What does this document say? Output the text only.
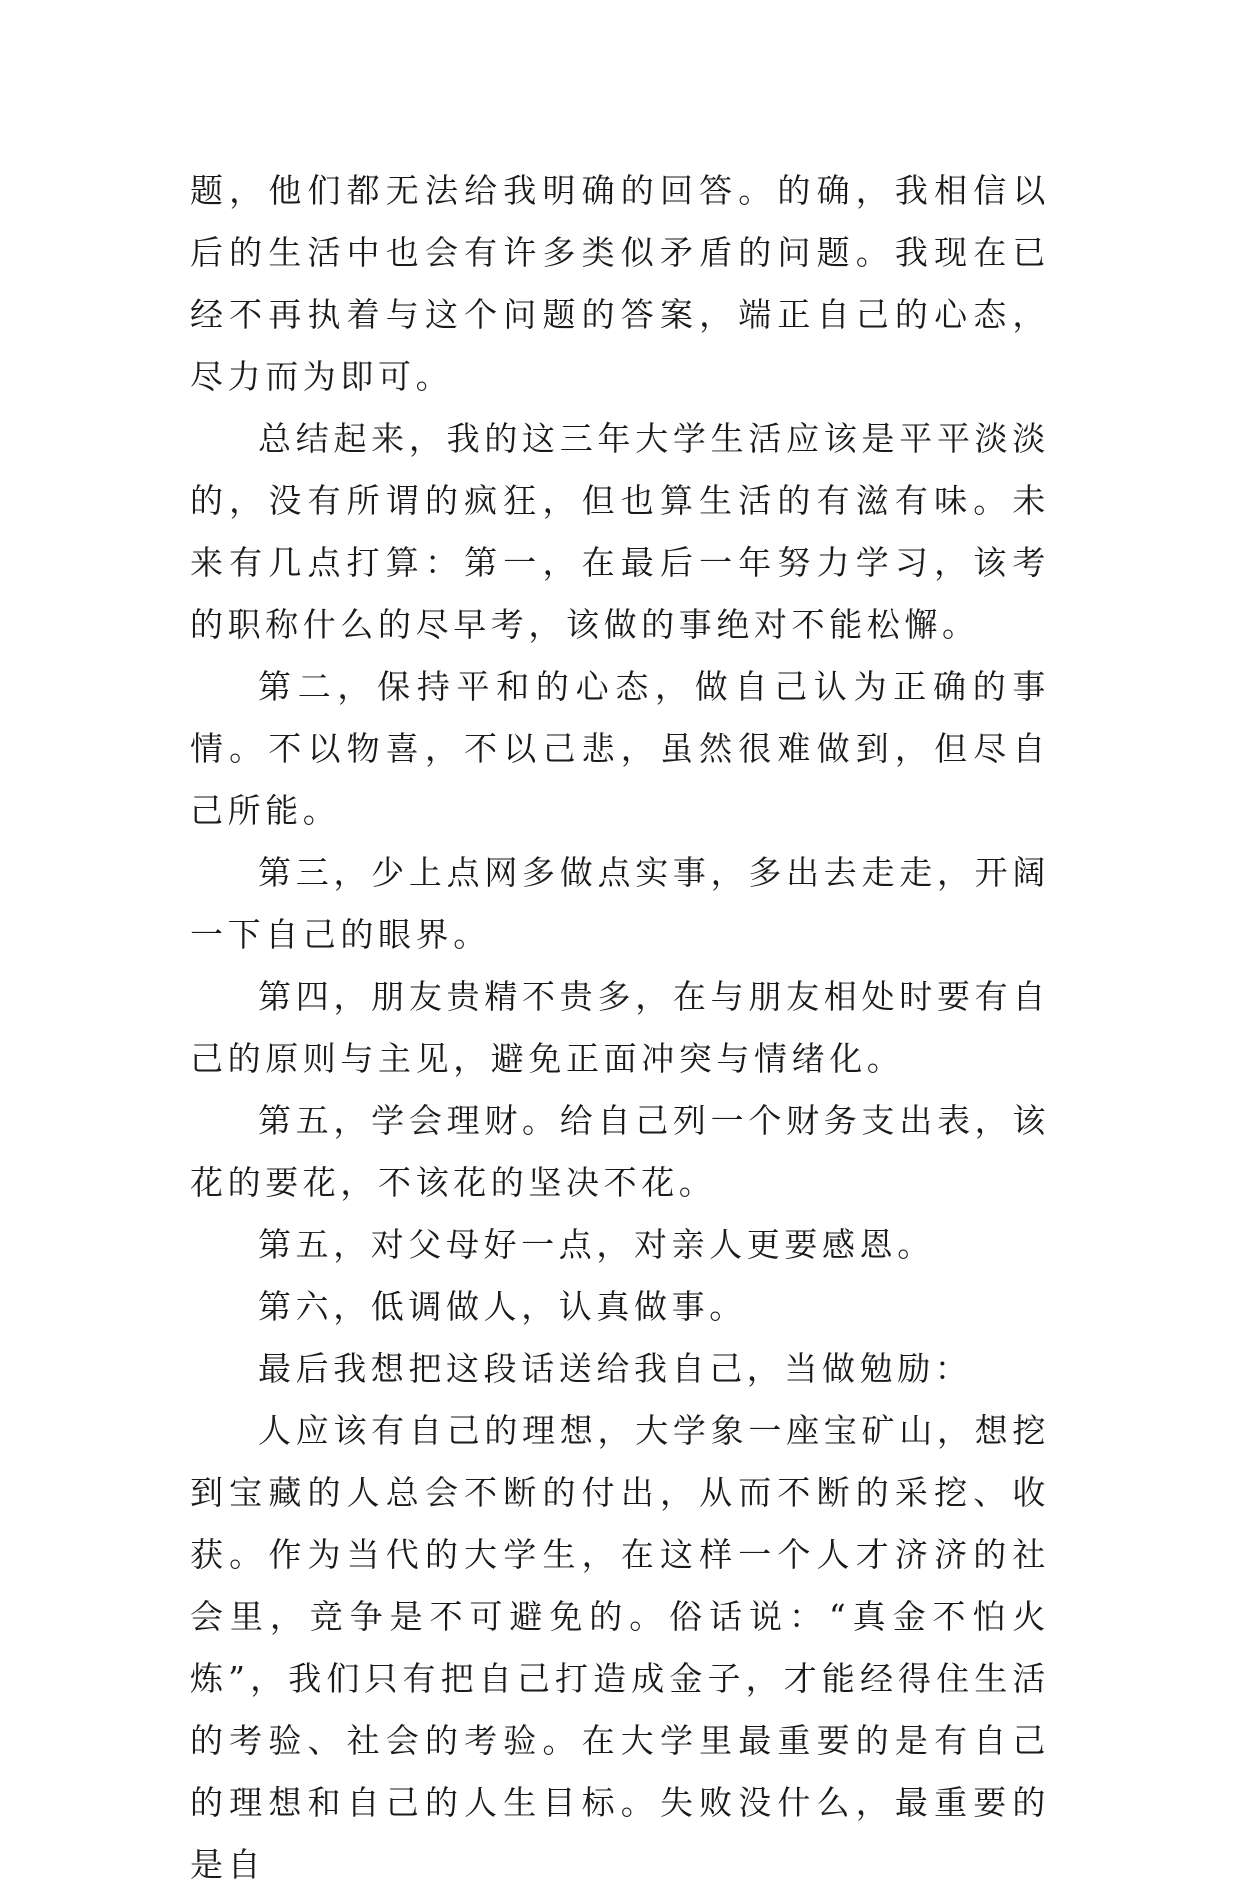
题，他们都无法给我明确的回答。的确，我相信以后的生活中也会有许多类似矛盾的问题。我现在已经不再执着与这个问题的答案，端正自己的心态，尽力而为即可。

总结起来，我的这三年大学生活应该是平平淡淡的，没有所谓的疯狂，但也算生活的有滋有味。未来有几点打算：第一，在最后一年努力学习，该考的职称什么的尽早考，该做的事绝对不能松懈。

第二，保持平和的心态，做自己认为正确的事情。不以物喜，不以己悲，虽然很难做到，但尽自己所能。

第三，少上点网多做点实事，多出去走走，开阔一下自己的眼界。

第四，朋友贵精不贵多，在与朋友相处时要有自己的原则与主见，避免正面冲突与情绪化。

第五，学会理财。给自己列一个财务支出表，该花的要花，不该花的坚决不花。

第五，对父母好一点，对亲人更要感恩。

第六，低调做人，认真做事。

最后我想把这段话送给我自己，当做勉励：

人应该有自己的理想，大学象一座宝矿山，想挖到宝藏的人总会不断的付出，从而不断的采挖、收获。作为当代的大学生，在这样一个人才济济的社会里，竞争是不可避免的。俗话说：“真金不怕火炼”，我们只有把自己打造成金子，才能经得住生活的考验、社会的考验。在大学里最重要的是有自己的理想和自己的人生目标。失败没什么，最重要的是自
